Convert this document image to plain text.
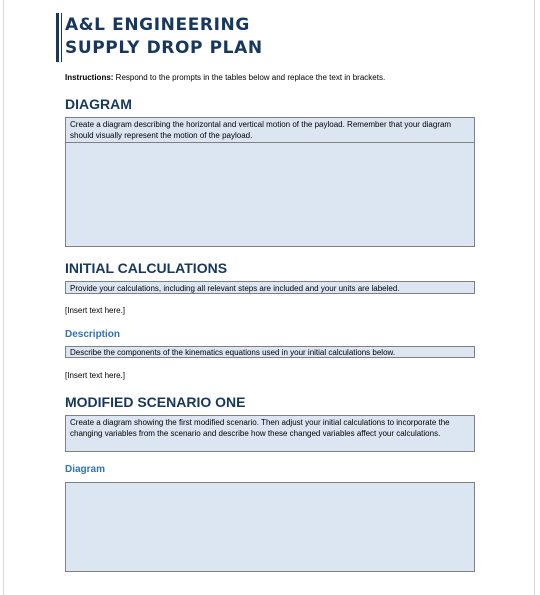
A&L ENGINEERING
SUPPLY DROP PLAN

Instructions: Respond to the prompts in the tables below and replace the text in brackets.

DIAGRAM
Create a diagram describing the horizontal and vertical motion of the payload. Remember that your diagram should visually represent the motion of the payload.
INITIAL CALCULATIONS
Provide your calculations, including all relevant steps are included and your units are labeled.

[Insert text here.]

Description
Describe the components of the kinematics equations used in your initial calculations below.

[Insert text here.]

MODIFIED SCENARIO ONE
Create a diagram showing the first modified scenario. Then adjust your initial calculations to incorporate the changing variables from the scenario and describe how these changed variables affect your calculations.
Diagram
